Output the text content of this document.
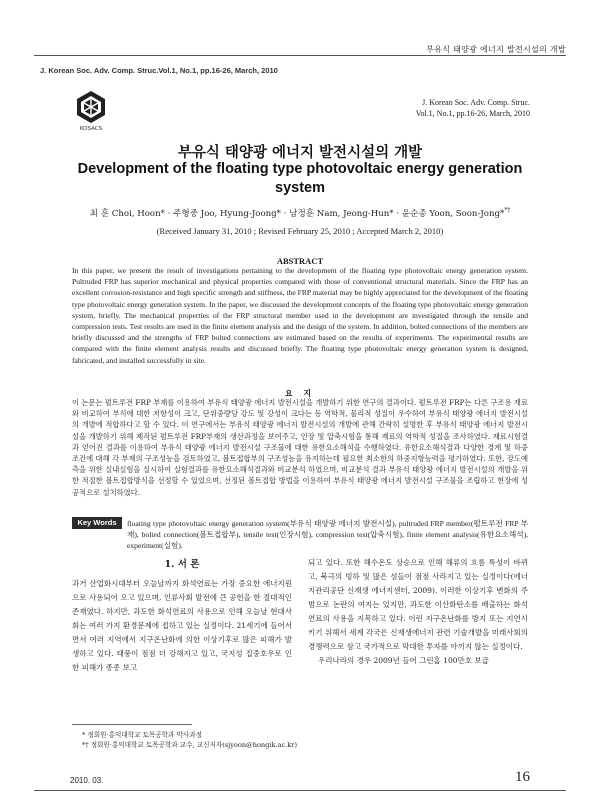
부유식 태양광 에너지 발전시설의 개발
J. Korean Soc. Adv. Comp. Struc.Vol.1, No.1, pp.16-26, March, 2010
KOSACS
J. Korean Soc. Adv. Comp. Struc.
Vol.1, No.1, pp.16-26, March, 2010
부유식 태양광 에너지 발전시설의 개발
Development of the floating type photovoltaic energy generation system
최 훈 Choi, Hoon* · 주형중 Joo, Hyung-Joong* · 남정훈 Nam, Jeong-Hun* · 윤순종 Yoon, Soon-Jong**†
(Received January 31, 2010 ; Revised February 25, 2010 ; Accepted March 2, 2010)
ABSTRACT
In this paper, we present the result of investigations pertaining to the development of the floating type photovoltaic energy generation system. Pultruded FRP has superior mechanical and physical properties compared with those of conventional structural materials. Since the FRP has an excellent corrosion-resistance and high specific strength and stiffness, the FRP material may be highly appreciated for the development of the floating type photovoltaic energy generation system. In the paper, we discussed the development concepts of the floating type photovoltaic energy generation system, briefly. The mechanical properties of the FRP structural member used in the development are investigated through the tensile and compression tests. Test results are used in the finite element analysis and the design of the system. In addition, bolted connections of the members are briefly discussed and the strengths of FRP bolted connections are estimated based on the results of experiments. The experimental results are compared with the finite element analysis results and discussed briefly. The floating type photovoltaic energy generation system is designed, fabricated, and installed successfully in site.
요 지
이 논문는 펄트루전 FRP 부재를 이용하여 부유식 태양광 에너지 발전시설을 개발하기 위한 연구의 결과이다. 펄트루전 FRP는 다른 구조용 재료와 비교하여 부식에 대한 저항성이 크고, 단위중량당 강도 및 강성이 크다는 등 역학적, 물리적 성질이 우수하여 부유식 태양광 에너지 발전시설의 개발에 적합하다고 할 수 있다. 이 연구에서는 부유식 태양광 에너지 발전시설의 개발에 관해 간략히 설명한 후 부유식 태양광 에너지 발전시설을 개발하기 위해 제작된 펄트루전 FRP부재의 생산과정을 보여주고, 인장 및 압축시험을 통해 재료의 역학적 성질을 조사하였다. 재료시험결과 얻어진 결과를 이용하여 부유식 태양광 에너지 발전시설 구조물에 대한 유한요소해석을 수행하였다. 유한요소해석결과 다양한 경계 및 하중 조건에 대해 각 부재의 구조성능을 검토하였고, 볼트접합부의 구조성능을 유지하는데 필요한 최소한의 하중지항능력을 평가하였다. 또한, 강도예측을 위한 실내실험을 실시하여 실험결과를 유한요소해석결과와 비교분석 하였으며, 비교분석 결과 부유식 태양광 에너지 발전시설의 개발을 위한 적절한 볼트접합방식을 선정할 수 있었으며, 선정된 볼트접합 방법을 이용하여 부유식 태양광 에너지 발전시설 구조물을 조립하고 현장에 성공적으로 설치하였다.
Key Words	floating type photovoltaic energy generation system(부유식 태양광 에너지 발전시설), pultruded FRP member(펄트루전 FRP 부재), bolted connection(볼트접합부), tensile test(인장시험), compression test(압축시험), finite element analysis(유한요소해석), experiment(실험).
1. 서 론
과거 산업화시대부터 오늘날까지 화석연료는 가장 중요한 에너지원으로 사용되어 오고 있으며, 인류사회 발전에 큰 공헌을 한 절대적인 존재였다. 하지만, 과도한 화석연료의 사용으로 인해 오늘날 현대사회는 여러 가지 환경문제에 접하고 있는 실정이다. 21세기에 들어서면서 여러 지역에서 지구온난화에 의한 이상기후로 많은 피해가 발생하고 있다. 태풍이 점점 더 강해지고 있고, 국지성 집중호우로 인한 피해가 종종 보고
되고 있다. 또한 해수온도 상승으로 인해 해류의 흐름 특성이 바뀌고, 북극의 빙하 및 많은 섬들이 점점 사라지고 있는 실정이다(에너지관리공단 신재생 에너지센터, 2009). 이러한 이상기후 변화의 주범으로 논란의 여지는 있지만, 과도한 이산화탄소를 배출하는 화석연료의 사용을 지목하고 있다. 이런 지구온난화를 방지 또는 지연시키기 위해서 세계 각국은 신재생에너지 관련 기술개발을 미래사회의 경쟁력으로 삼고 국가적으로 막대한 투자를 아끼지 않는 실정이다.
우리나라의 경우 2009년 들어 그린홈 100만호 보급
* 정회원·홍익대학교 토목공학과 박사과정
*† 정회원·홍익대학교 토목공학과 교수, 교신저자(sjyoon@hongik.ac.kr)
2010. 03.	16
